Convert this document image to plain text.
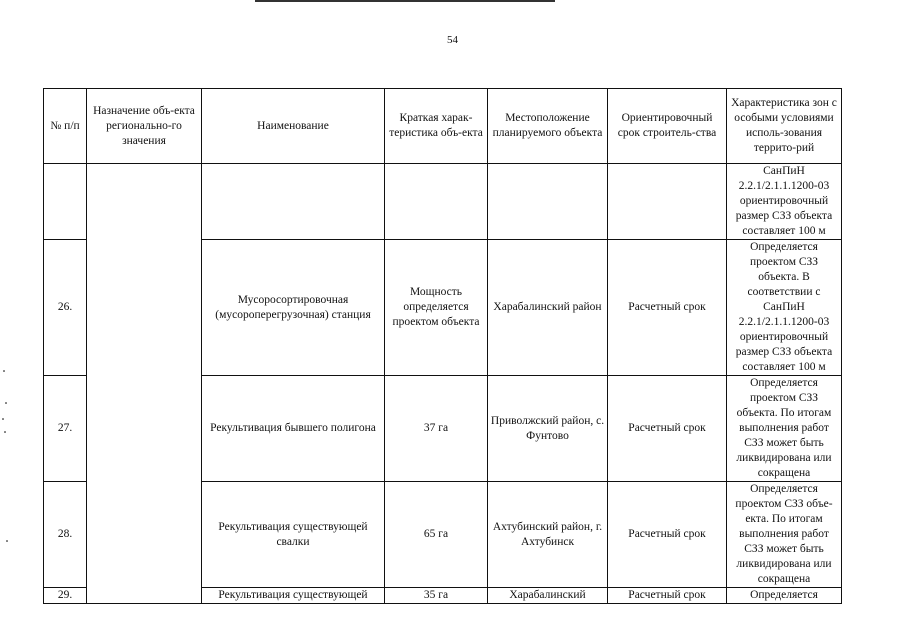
54
№ п/п	Назначение объ-екта регионально-го значения	Наименование	Краткая харак-теристика объ-екта	Местоположение планируемого объекта	Ориентировочный срок строитель-ства	Характеристика зон с особыми условиями исполь-зования террито-рий
						СанПиН 2.2.1/2.1.1.1200-03 ориентировочный размер СЗЗ объекта составляет 100 м
26.		Мусоросортировочная (мусороперегрузочная) станция	Мощность определяется проектом объекта	Харабалинский район	Расчетный срок	Определяется проектом СЗЗ объекта. В соответствии с СанПиН 2.2.1/2.1.1.1200-03 ориентировочный размер СЗЗ объекта составляет 100 м
27.		Рекультивация бывшего полигона	37 га	Приволжский район, с. Фунтово	Расчетный срок	Определяется проектом СЗЗ объекта. По итогам выполнения работ СЗЗ может быть ликвидирована или сокращена
28.		Рекультивация существующей свалки	65 га	Ахтубинский район, г. Ахтубинск	Расчетный срок	Определяется проектом СЗЗ объе-екта. По итогам выполнения работ СЗЗ может быть ликвидирована или сокращена
29.		Рекультивация существующей	35 га	Харабалинский	Расчетный срок	Определяется
